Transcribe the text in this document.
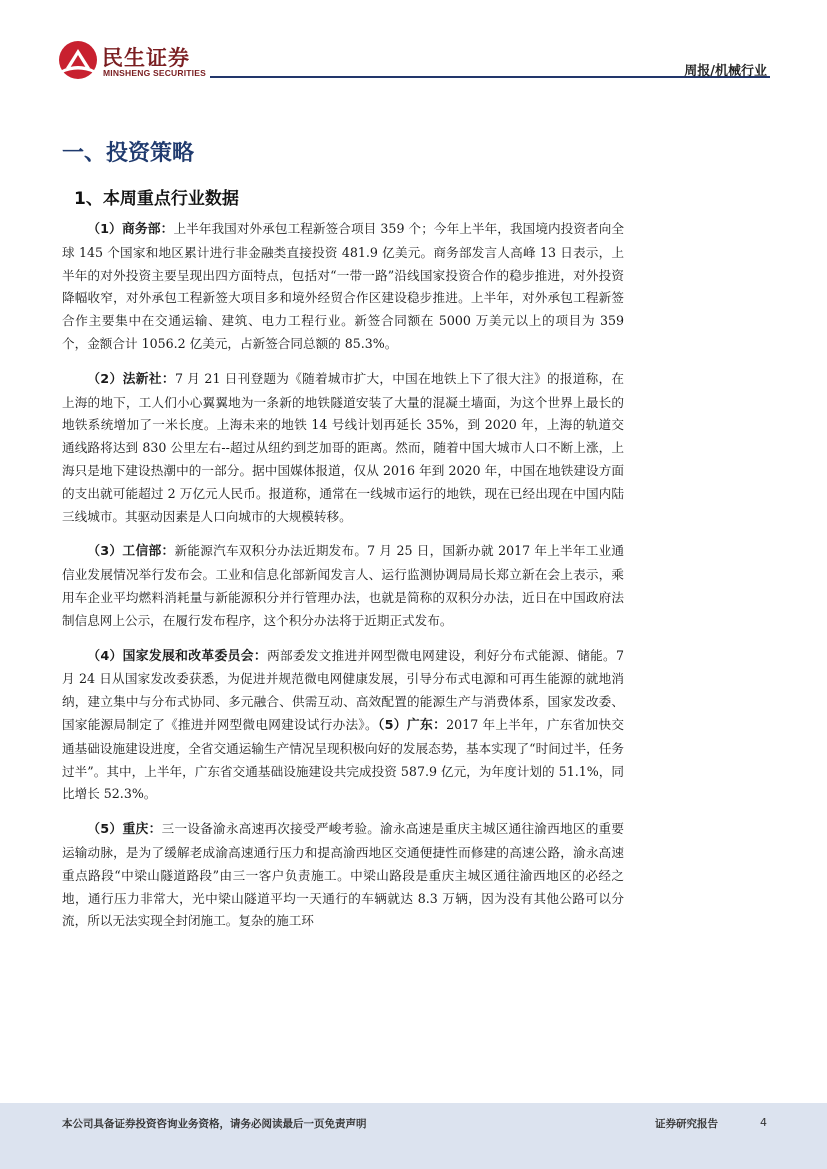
民生证券
MINSHENG SECURITIES	周报/机械行业
一、投资策略
1、本周重点行业数据

（1）商务部：上半年我国对外承包工程新签合项目 359 个；今年上半年，我国境内投资者向全球 145 个国家和地区累计进行非金融类直接投资 481.9 亿美元。商务部发言人高峰 13 日表示，上半年的对外投资主要呈现出四方面特点，包括对“一带一路”沿线国家投资合作的稳步推进，对外投资降幅收窄，对外承包工程新签大项目多和境外经贸合作区建设稳步推进。上半年，对外承包工程新签合作主要集中在交通运输、建筑、电力工程行业。新签合同额在 5000 万美元以上的项目为 359 个，金额合计 1056.2 亿美元，占新签合同总额的 85.3%。

（2）法新社：7 月 21 日刊登题为《随着城市扩大，中国在地铁上下了很大注》的报道称，在上海的地下，工人们小心翼翼地为一条新的地铁隧道安装了大量的混凝土墙面，为这个世界上最长的地铁系统增加了一米长度。上海未来的地铁 14 号线计划再延长 35%，到 2020 年，上海的轨道交通线路将达到 830 公里左右--超过从纽约到芝加哥的距离。然而，随着中国大城市人口不断上涨，上海只是地下建设热潮中的一部分。据中国媒体报道，仅从 2016 年到 2020 年，中国在地铁建设方面的支出就可能超过 2 万亿元人民币。报道称，通常在一线城市运行的地铁，现在已经出现在中国内陆三线城市。其驱动因素是人口向城市的大规模转移。

（3）工信部：新能源汽车双积分办法近期发布。7 月 25 日，国新办就 2017 年上半年工业通信业发展情况举行发布会。工业和信息化部新闻发言人、运行监测协调局局长郑立新在会上表示，乘用车企业平均燃料消耗量与新能源积分并行管理办法，也就是简称的双积分办法，近日在中国政府法制信息网上公示，在履行发布程序，这个积分办法将于近期正式发布。

（4）国家发展和改革委员会：两部委发文推进并网型微电网建设，利好分布式能源、储能。7 月 24 日从国家发改委获悉，为促进并规范微电网健康发展，引导分布式电源和可再生能源的就地消纳，建立集中与分布式协同、多元融合、供需互动、高效配置的能源生产与消费体系，国家发改委、国家能源局制定了《推进并网型微电网建设试行办法》。（5）广东：2017 年上半年，广东省加快交通基础设施建设进度，全省交通运输生产情况呈现积极向好的发展态势，基本实现了“时间过半，任务过半”。其中，上半年，广东省交通基础设施建设共完成投资 587.9 亿元，为年度计划的 51.1%，同比增长 52.3%。

（5）重庆：三一设备渝永高速再次接受严峻考验。渝永高速是重庆主城区通往渝西地区的重要运输动脉，是为了缓解老成渝高速通行压力和提高渝西地区交通便捷性而修建的高速公路，渝永高速重点路段“中梁山隧道路段”由三一客户负责施工。中梁山路段是重庆主城区通往渝西地区的必经之地，通行压力非常大，光中梁山隧道平均一天通行的车辆就达 8.3 万辆，因为没有其他公路可以分流，所以无法实现全封闭施工。复杂的施工环

本公司具备证券投资咨询业务资格，请务必阅读最后一页免责声明	证券研究报告	4
